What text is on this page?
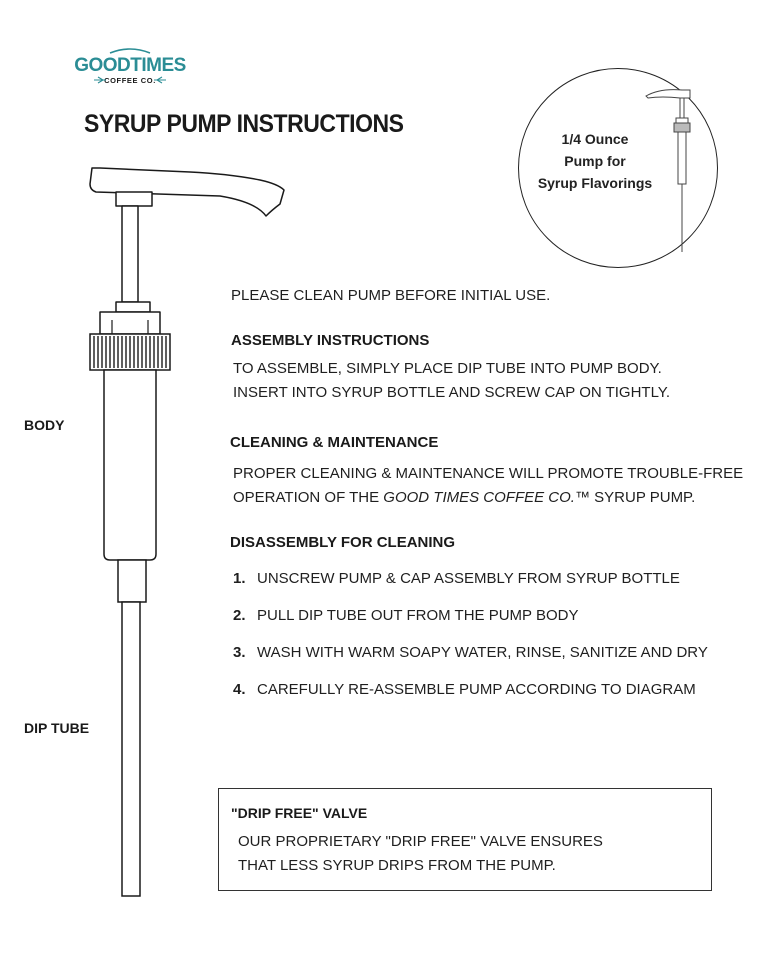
GOODTIMES
COFFEE CO.
SYRUP PUMP INSTRUCTIONS
1/4 Ounce
Pump for
Syrup Flavorings
BODY
DIP TUBE
PLEASE CLEAN PUMP BEFORE INITIAL USE.
ASSEMBLY INSTRUCTIONS
TO ASSEMBLE, SIMPLY PLACE DIP TUBE INTO PUMP BODY.
INSERT INTO SYRUP BOTTLE AND SCREW CAP ON TIGHTLY.
CLEANING & MAINTENANCE
PROPER CLEANING & MAINTENANCE WILL PROMOTE TROUBLE-FREE
OPERATION OF THE GOOD TIMES COFFEE CO.™ SYRUP PUMP.
DISASSEMBLY FOR CLEANING
1. UNSCREW PUMP & CAP ASSEMBLY FROM SYRUP BOTTLE
2. PULL DIP TUBE OUT FROM THE PUMP BODY
3. WASH WITH WARM SOAPY WATER, RINSE, SANITIZE AND DRY
4. CAREFULLY RE-ASSEMBLE PUMP ACCORDING TO DIAGRAM
"DRIP FREE" VALVE
OUR PROPRIETARY "DRIP FREE" VALVE ENSURES
THAT LESS SYRUP DRIPS FROM THE PUMP.
